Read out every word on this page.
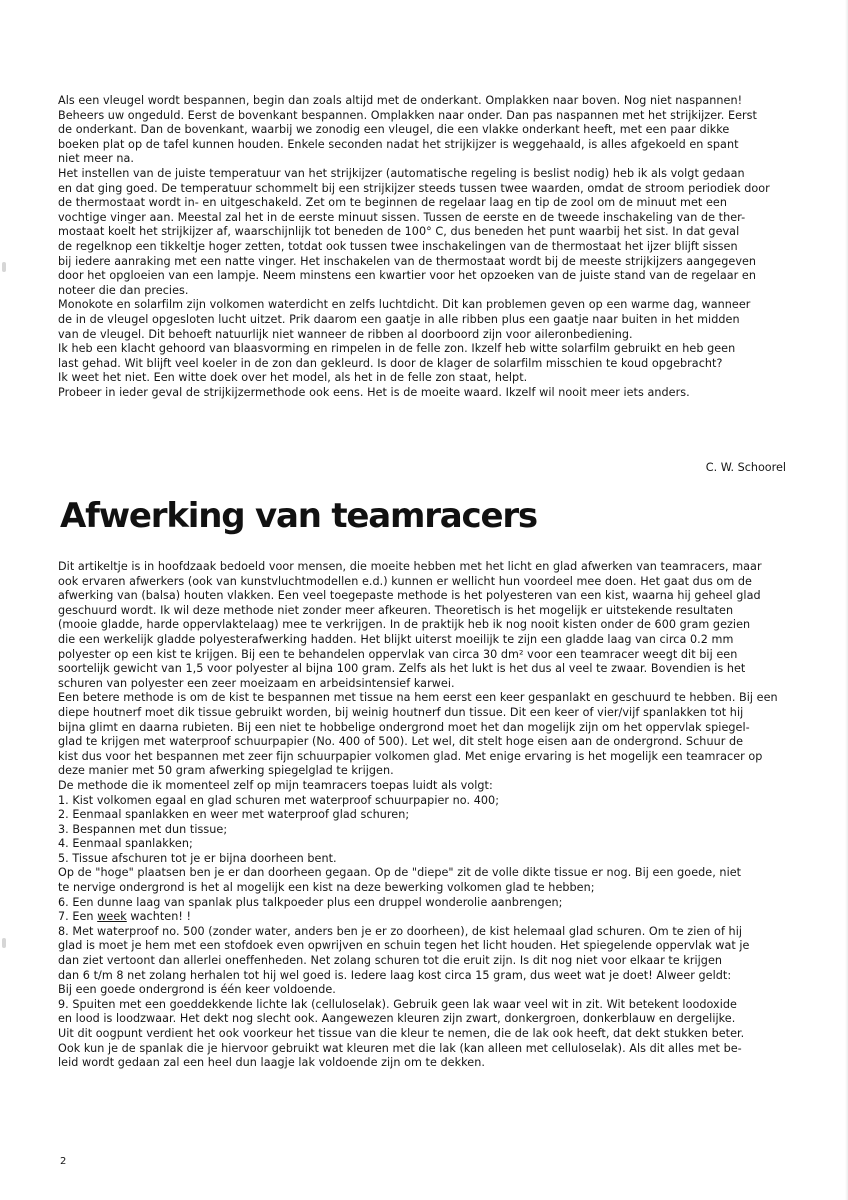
Als een vleugel wordt bespannen, begin dan zoals altijd met de onderkant. Omplakken naar boven. Nog niet naspannen!

Beheers uw ongeduld. Eerst de bovenkant bespannen. Omplakken naar onder. Dan pas naspannen met het strijkijzer. Eerst

de onderkant. Dan de bovenkant, waarbij we zonodig een vleugel, die een vlakke onderkant heeft, met een paar dikke

boeken plat op de tafel kunnen houden. Enkele seconden nadat het strijkijzer is weggehaald, is alles afgekoeld en spant

niet meer na.

Het instellen van de juiste temperatuur van het strijkijzer (automatische regeling is beslist nodig) heb ik als volgt gedaan

en dat ging goed. De temperatuur schommelt bij een strijkijzer steeds tussen twee waarden, omdat de stroom periodiek door

de thermostaat wordt in- en uitgeschakeld. Zet om te beginnen de regelaar laag en tip de zool om de minuut met een

vochtige vinger aan. Meestal zal het in de eerste minuut sissen. Tussen de eerste en de tweede inschakeling van de ther-

mostaat koelt het strijkijzer af, waarschijnlijk tot beneden de 100° C, dus beneden het punt waarbij het sist. In dat geval

de regelknop een tikkeltje hoger zetten, totdat ook tussen twee inschakelingen van de thermostaat het ijzer blijft sissen

bij iedere aanraking met een natte vinger. Het inschakelen van de thermostaat wordt bij de meeste strijkijzers aangegeven

door het opgloeien van een lampje. Neem minstens een kwartier voor het opzoeken van de juiste stand van de regelaar en

noteer die dan precies.

Monokote en solarfilm zijn volkomen waterdicht en zelfs luchtdicht. Dit kan problemen geven op een warme dag, wanneer

de in de vleugel opgesloten lucht uitzet. Prik daarom een gaatje in alle ribben plus een gaatje naar buiten in het midden

van de vleugel. Dit behoeft natuurlijk niet wanneer de ribben al doorboord zijn voor aileronbediening.

Ik heb een klacht gehoord van blaasvorming en rimpelen in de felle zon. Ikzelf heb witte solarfilm gebruikt en heb geen

last gehad. Wit blijft veel koeler in de zon dan gekleurd. Is door de klager de solarfilm misschien te koud opgebracht?

Ik weet het niet. Een witte doek over het model, als het in de felle zon staat, helpt.

Probeer in ieder geval de strijkijzermethode ook eens. Het is de moeite waard. Ikzelf wil nooit meer iets anders.

C. W. Schoorel
Afwerking van teamracers

Dit artikeltje is in hoofdzaak bedoeld voor mensen, die moeite hebben met het licht en glad afwerken van teamracers, maar

ook ervaren afwerkers (ook van kunstvluchtmodellen e.d.) kunnen er wellicht hun voordeel mee doen. Het gaat dus om de

afwerking van (balsa) houten vlakken. Een veel toegepaste methode is het polyesteren van een kist, waarna hij geheel glad

geschuurd wordt. Ik wil deze methode niet zonder meer afkeuren. Theoretisch is het mogelijk er uitstekende resultaten

(mooie gladde, harde oppervlaktelaag) mee te verkrijgen. In de praktijk heb ik nog nooit kisten onder de 600 gram gezien

die een werkelijk gladde polyesterafwerking hadden. Het blijkt uiterst moeilijk te zijn een gladde laag van circa 0.2 mm

polyester op een kist te krijgen. Bij een te behandelen oppervlak van circa 30 dm² voor een teamracer weegt dit bij een

soortelijk gewicht van 1,5 voor polyester al bijna 100 gram. Zelfs als het lukt is het dus al veel te zwaar. Bovendien is het

schuren van polyester een zeer moeizaam en arbeidsintensief karwei.

Een betere methode is om de kist te bespannen met tissue na hem eerst een keer gespanlakt en geschuurd te hebben. Bij een

diepe houtnerf moet dik tissue gebruikt worden, bij weinig houtnerf dun tissue. Dit een keer of vier/vijf spanlakken tot hij

bijna glimt en daarna rubieten. Bij een niet te hobbelige ondergrond moet het dan mogelijk zijn om het oppervlak spiegel-

glad te krijgen met waterproof schuurpapier (No. 400 of 500). Let wel, dit stelt hoge eisen aan de ondergrond. Schuur de

kist dus voor het bespannen met zeer fijn schuurpapier volkomen glad. Met enige ervaring is het mogelijk een teamracer op

deze manier met 50 gram afwerking spiegelglad te krijgen.

De methode die ik momenteel zelf op mijn teamracers toepas luidt als volgt:

1. Kist volkomen egaal en glad schuren met waterproof schuurpapier no. 400;

2. Eenmaal spanlakken en weer met waterproof glad schuren;

3. Bespannen met dun tissue;

4. Eenmaal spanlakken;

5. Tissue afschuren tot je er bijna doorheen bent.

Op de "hoge" plaatsen ben je er dan doorheen gegaan. Op de "diepe" zit de volle dikte tissue er nog. Bij een goede, niet

te nervige ondergrond is het al mogelijk een kist na deze bewerking volkomen glad te hebben;

6. Een dunne laag van spanlak plus talkpoeder plus een druppel wonderolie aanbrengen;

7. Een week wachten! !

8. Met waterproof no. 500 (zonder water, anders ben je er zo doorheen), de kist helemaal glad schuren. Om te zien of hij

glad is moet je hem met een stofdoek even opwrijven en schuin tegen het licht houden. Het spiegelende oppervlak wat je

dan ziet vertoont dan allerlei oneffenheden. Net zolang schuren tot die eruit zijn. Is dit nog niet voor elkaar te krijgen

dan 6 t/m 8 net zolang herhalen tot hij wel goed is. Iedere laag kost circa 15 gram, dus weet wat je doet! Alweer geldt:

Bij een goede ondergrond is één keer voldoende.

9. Spuiten met een goeddekkende lichte lak (celluloselak). Gebruik geen lak waar veel wit in zit. Wit betekent loodoxide

en lood is loodzwaar. Het dekt nog slecht ook. Aangewezen kleuren zijn zwart, donkergroen, donkerblauw en dergelijke.

Uit dit oogpunt verdient het ook voorkeur het tissue van die kleur te nemen, die de lak ook heeft, dat dekt stukken beter.

Ook kun je de spanlak die je hiervoor gebruikt wat kleuren met die lak (kan alleen met celluloselak). Als dit alles met be-

leid wordt gedaan zal een heel dun laagje lak voldoende zijn om te dekken.

2
